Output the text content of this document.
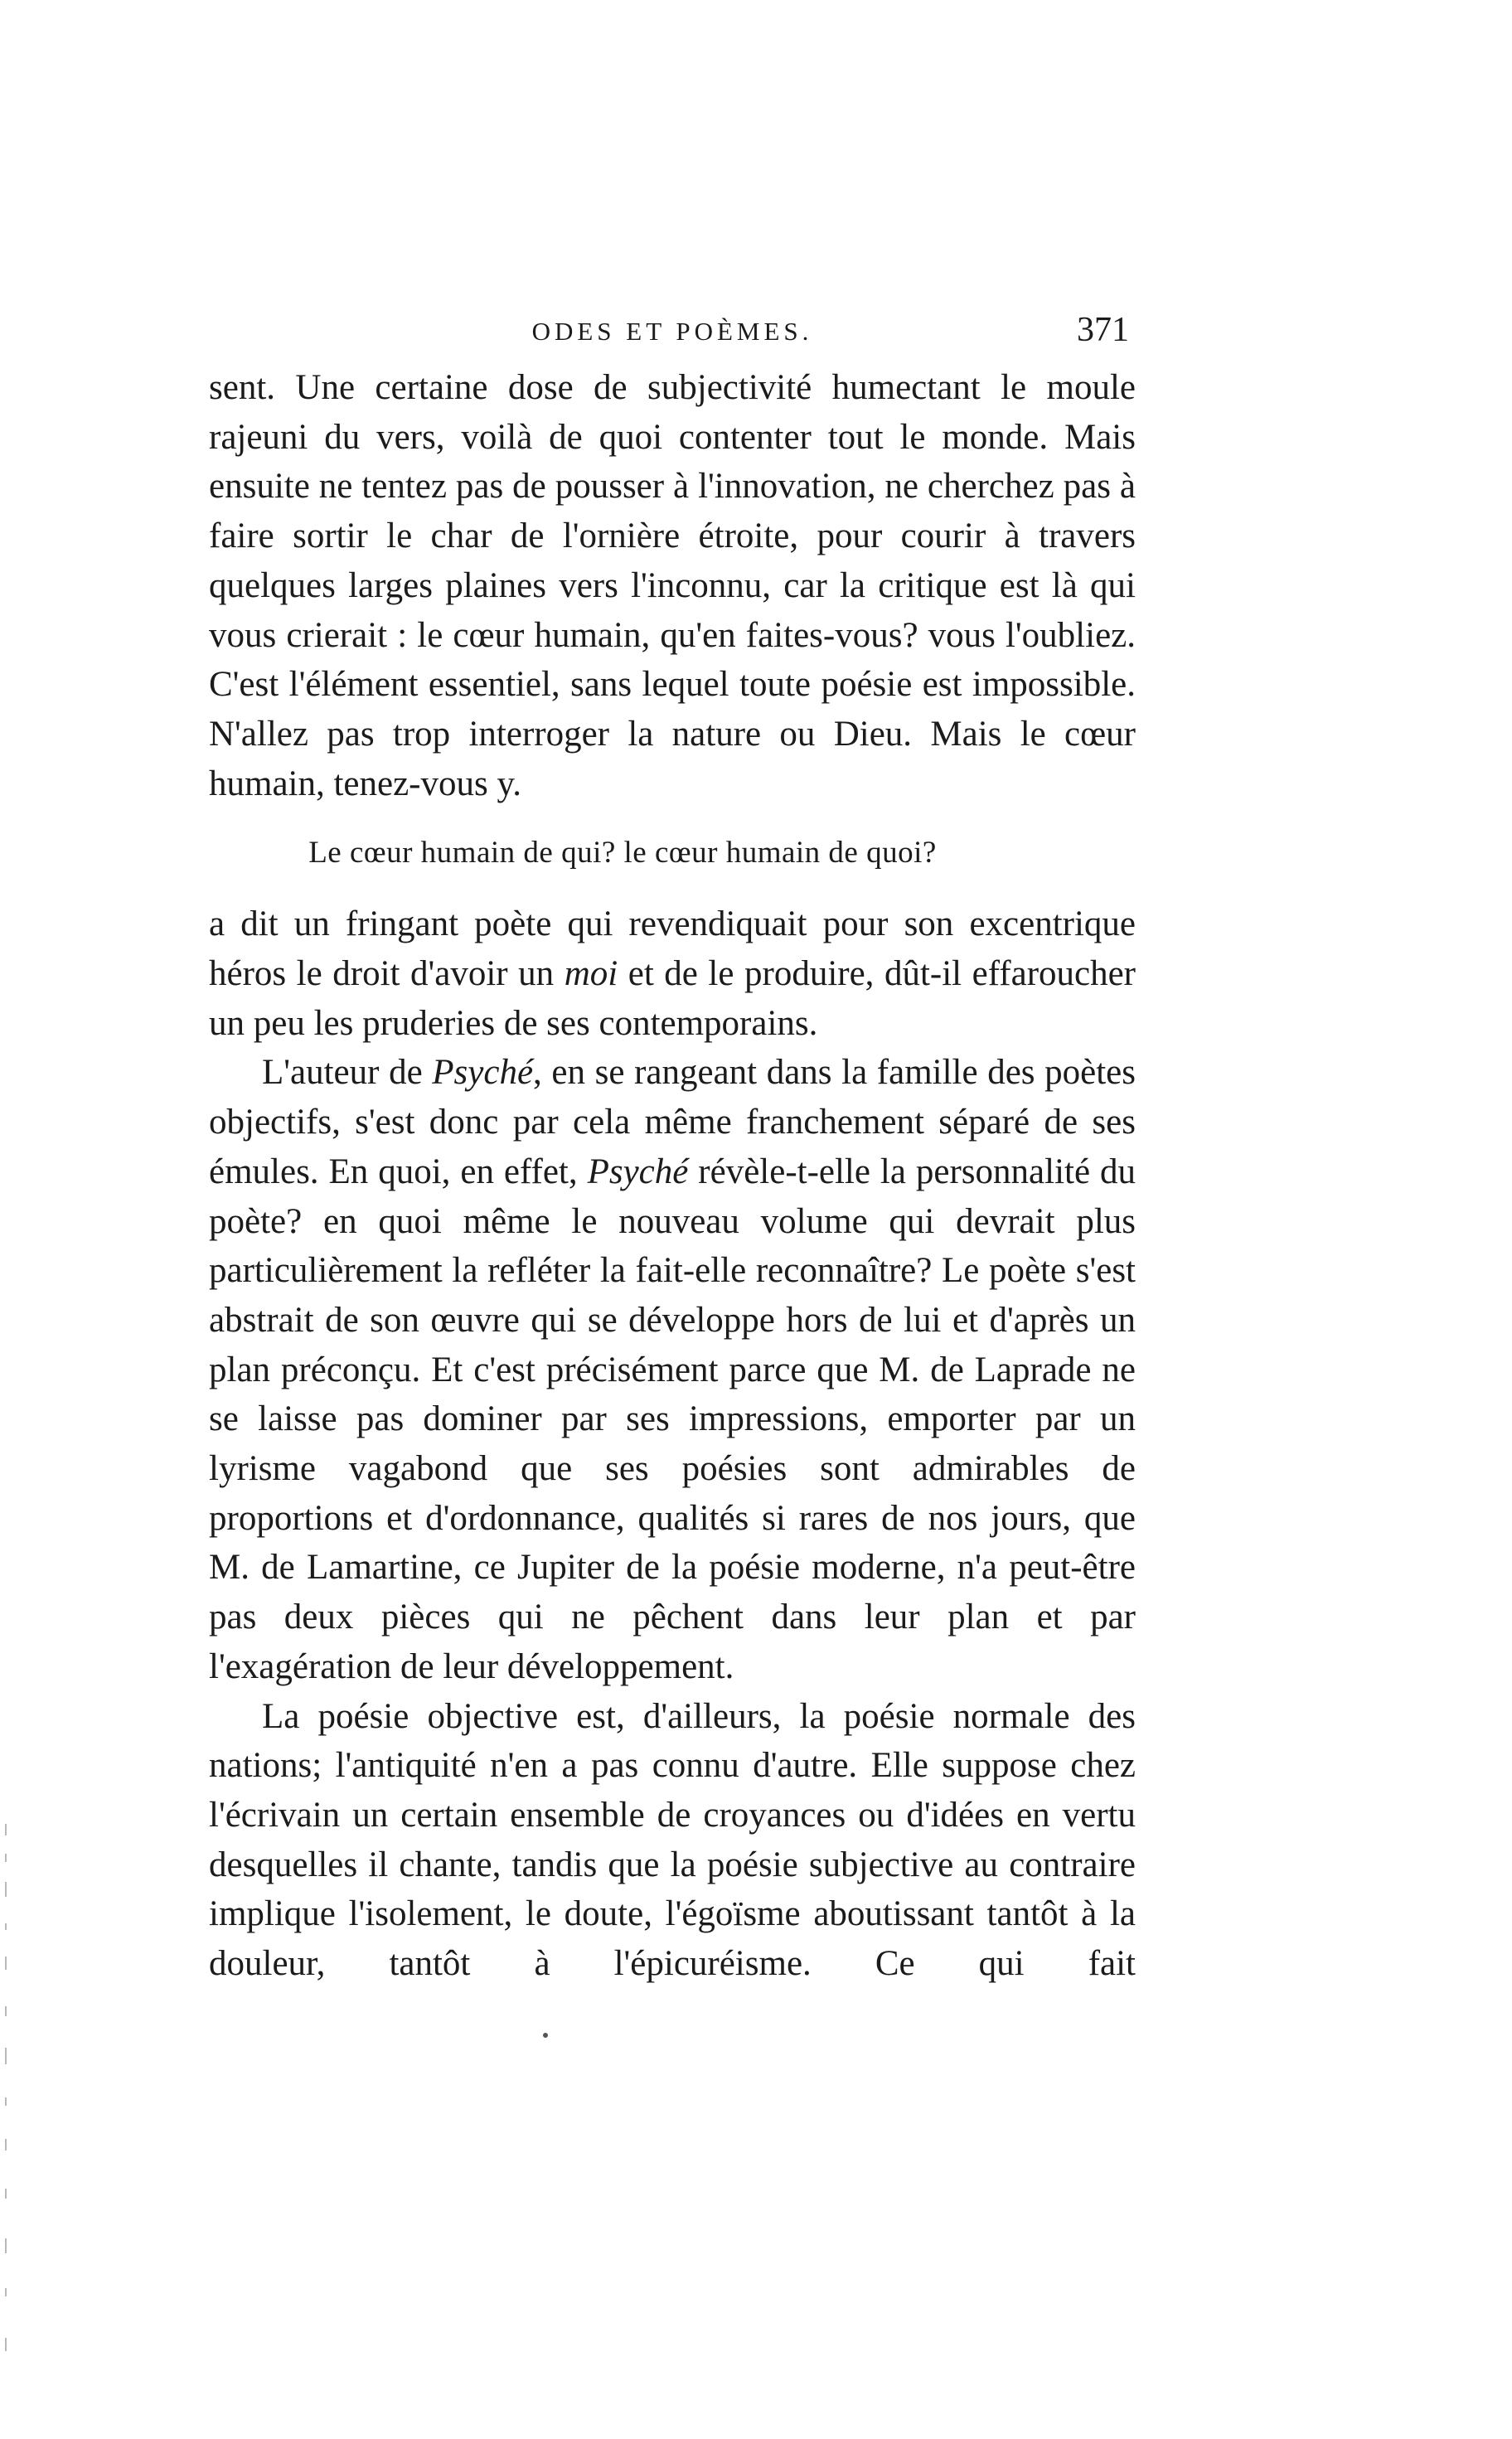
ODES ET POÈMES.	371

sent. Une certaine dose de subjectivité humectant le moule rajeuni du vers, voilà de quoi contenter tout le monde. Mais ensuite ne tentez pas de pousser à l'innovation, ne cherchez pas à faire sortir le char de l'ornière étroite, pour courir à travers quelques larges plaines vers l'inconnu, car la critique est là qui vous crierait : le cœur humain, qu'en faites-vous? vous l'oubliez. C'est l'élément essentiel, sans lequel toute poésie est impossible. N'allez pas trop interroger la nature ou Dieu. Mais le cœur humain, tenez-vous y.

Le cœur humain de qui? le cœur humain de quoi?

a dit un fringant poète qui revendiquait pour son excentrique héros le droit d'avoir un moi et de le produire, dût-il effaroucher un peu les pruderies de ses contemporains.

L'auteur de Psyché, en se rangeant dans la famille des poètes objectifs, s'est donc par cela même franchement séparé de ses émules. En quoi, en effet, Psyché révèle-t-elle la personnalité du poète? en quoi même le nouveau volume qui devrait plus particulièrement la refléter la fait-elle reconnaître? Le poète s'est abstrait de son œuvre qui se développe hors de lui et d'après un plan préconçu. Et c'est précisément parce que M. de Laprade ne se laisse pas dominer par ses impressions, emporter par un lyrisme vagabond que ses poésies sont admirables de proportions et d'ordonnance, qualités si rares de nos jours, que M. de Lamartine, ce Jupiter de la poésie moderne, n'a peut-être pas deux pièces qui ne pêchent dans leur plan et par l'exagération de leur développement.

La poésie objective est, d'ailleurs, la poésie normale des nations; l'antiquité n'en a pas connu d'autre. Elle suppose chez l'écrivain un certain ensemble de croyances ou d'idées en vertu desquelles il chante, tandis que la poésie subjective au contraire implique l'isolement, le doute, l'égoïsme aboutissant tantôt à la douleur, tantôt à l'épicuréisme. Ce qui fait
